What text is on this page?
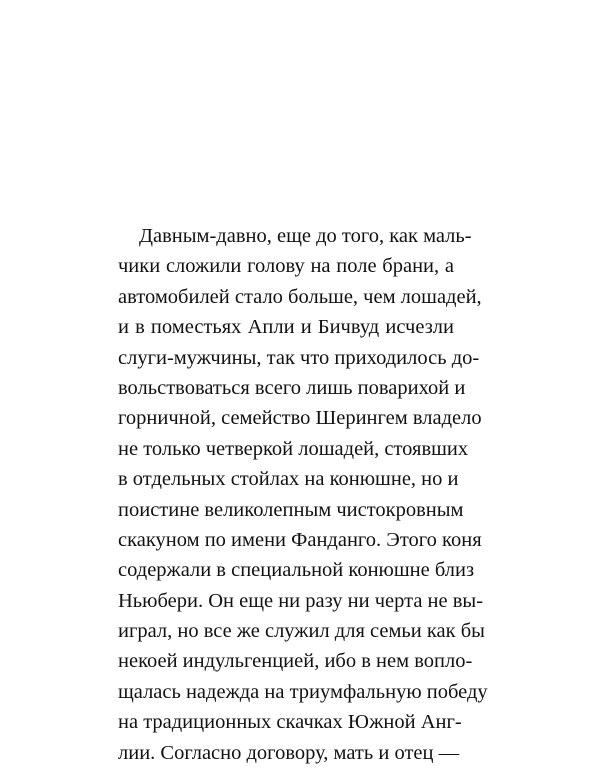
Давным-давно, еще до того, как маль-
чики сложили голову на поле брани, а
автомобилей стало больше, чем лошадей,
и в поместьях Апли и Бичвуд исчезли
слуги-мужчины, так что приходилось до-
вольствоваться всего лишь поварихой и
горничной, семейство Шерингем владело
не только четверкой лошадей, стоявших
в отдельных стойлах на конюшне, но и
поистине великолепным чистокровным
скакуном по имени Фанданго. Этого коня
содержали в специальной конюшне близ
Ньюбери. Он еще ни разу ни черта не вы-
играл, но все же служил для семьи как бы
некоей индульгенцией, ибо в нем вопло-
щалась надежда на триумфальную победу
на традиционных скачках Южной Анг-
лии. Согласно договору, мать и отец —
